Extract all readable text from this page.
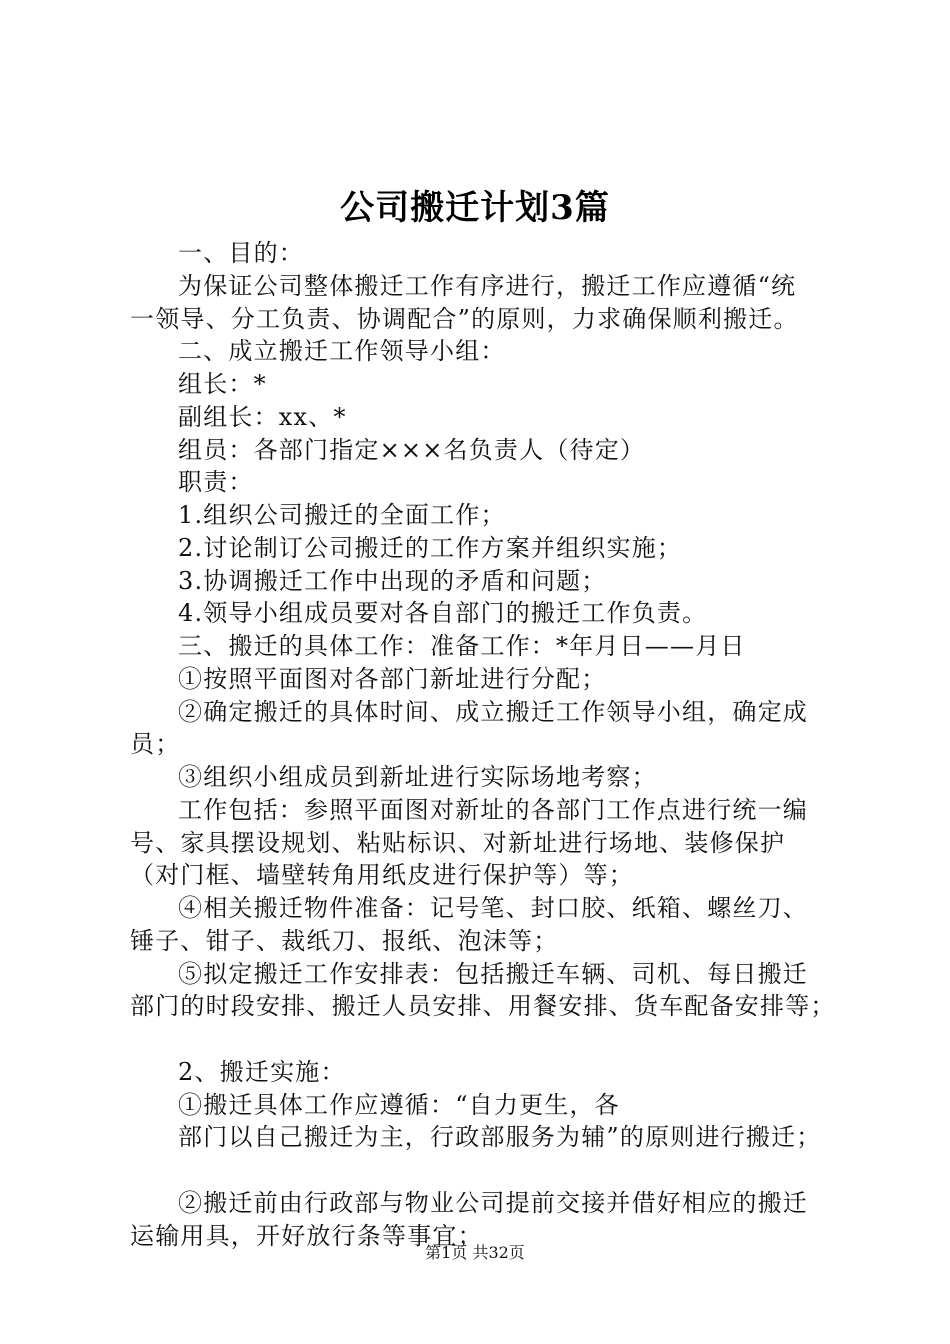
公司搬迁计划3篇
一、目的：
为保证公司整体搬迁工作有序进行，搬迁工作应遵循“统
一领导、分工负责、协调配合”的原则，力求确保顺利搬迁。
二、成立搬迁工作领导小组：
组长：*
副组长：xx、*
组员：各部门指定×××名负责人（待定）
职责：
1.组织公司搬迁的全面工作；
2.讨论制订公司搬迁的工作方案并组织实施；
3.协调搬迁工作中出现的矛盾和问题；
4.领导小组成员要对各自部门的搬迁工作负责。
三、搬迁的具体工作：准备工作：*年月日——月日
①按照平面图对各部门新址进行分配；
②确定搬迁的具体时间、成立搬迁工作领导小组，确定成
员；
③组织小组成员到新址进行实际场地考察；
工作包括：参照平面图对新址的各部门工作点进行统一编
号、家具摆设规划、粘贴标识、对新址进行场地、装修保护
（对门框、墙壁转角用纸皮进行保护等）等；
④相关搬迁物件准备：记号笔、封口胶、纸箱、螺丝刀、
锤子、钳子、裁纸刀、报纸、泡沫等；
⑤拟定搬迁工作安排表：包括搬迁车辆、司机、每日搬迁
部门的时段安排、搬迁人员安排、用餐安排、货车配备安排等；
2、搬迁实施：
①搬迁具体工作应遵循：“自力更生，各
部门以自己搬迁为主，行政部服务为辅”的原则进行搬迁；
②搬迁前由行政部与物业公司提前交接并借好相应的搬迁
运输用具，开好放行条等事宜；
第1页 共32页
